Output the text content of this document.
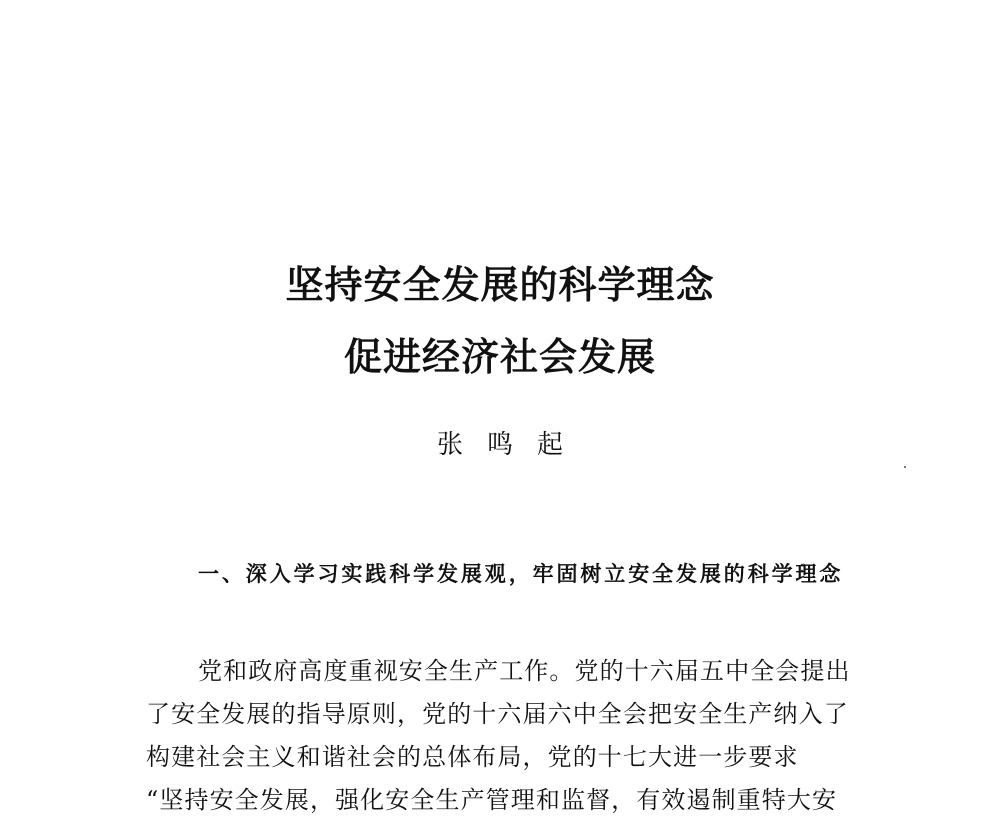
坚持安全发展的科学理念
促进经济社会发展
张鸣起
一、深入学习实践科学发展观，牢固树立安全发展的科学理念

党和政府高度重视安全生产工作。党的十六届五中全会提出
了安全发展的指导原则，党的十六届六中全会把安全生产纳入了
构建社会主义和谐社会的总体布局，党的十七大进一步要求
“坚持安全发展，强化安全生产管理和监督，有效遏制重特大安
